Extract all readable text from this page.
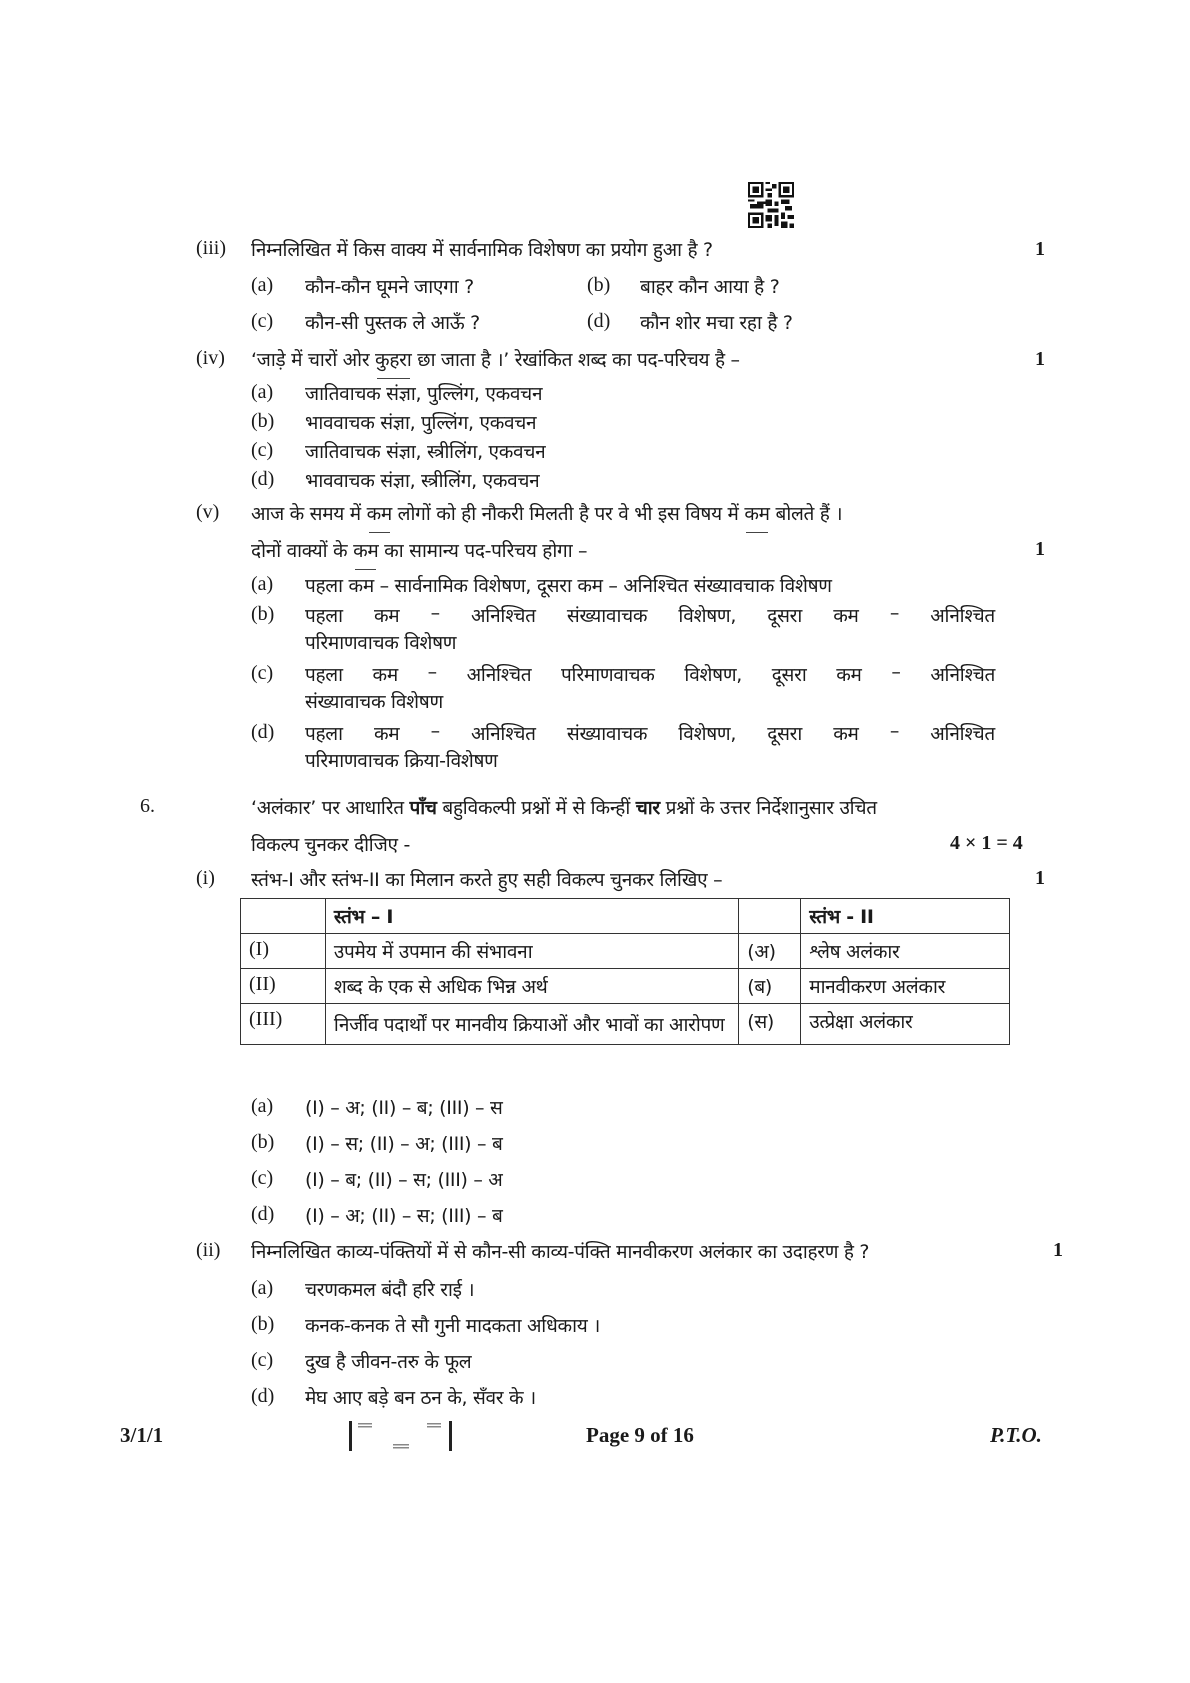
(iii) निम्नलिखित में किस वाक्य में सार्वनामिक विशेषण का प्रयोग हुआ है ?	1
(a) कौन-कौन घूमने जाएगा ?	(b) बाहर कौन आया है ?
(c) कौन-सी पुस्तक ले आऊँ ?	(d) कौन शोर मचा रहा है ?
(iv) ‘जाड़े में चारों ओर कुहरा छा जाता है ।’ रेखांकित शब्द का पद-परिचय है –	1
(a) जातिवाचक संज्ञा, पुल्लिंग, एकवचन
(b) भाववाचक संज्ञा, पुल्लिंग, एकवचन
(c) जातिवाचक संज्ञा, स्त्रीलिंग, एकवचन
(d) भाववाचक संज्ञा, स्त्रीलिंग, एकवचन
(v) आज के समय में कम लोगों को ही नौकरी मिलती है पर वे भी इस विषय में कम बोलते हैं ।
दोनों वाक्यों के कम का सामान्य पद-परिचय होगा –	1
(a) पहला कम – सार्वनामिक विशेषण, दूसरा कम – अनिश्चित संख्यावचाक विशेषण
(b) पहला कम – अनिश्चित संख्यावाचक विशेषण, दूसरा कम – अनिश्चित
परिमाणवाचक विशेषण
(c) पहला कम – अनिश्चित परिमाणवाचक विशेषण, दूसरा कम – अनिश्चित
संख्यावाचक विशेषण
(d) पहला कम – अनिश्चित संख्यावाचक विशेषण, दूसरा कम – अनिश्चित
परिमाणवाचक क्रिया-विशेषण
6.	‘अलंकार’ पर आधारित पाँच बहुविकल्पी प्रश्नों में से किन्हीं चार प्रश्नों के उत्तर निर्देशानुसार उचित
विकल्प चुनकर दीजिए -	4 × 1 = 4
(i) स्तंभ-I और स्तंभ-II का मिलान करते हुए सही विकल्प चुनकर लिखिए –	1
	स्तंभ – I		स्तंभ - II
(I)	उपमेय में उपमान की संभावना	(अ)	श्लेष अलंकार
(II)	शब्द के एक से अधिक भिन्न अर्थ	(ब)	मानवीकरण अलंकार
(III)	निर्जीव पदार्थों पर मानवीय क्रियाओं और भावों का आरोपण	(स)	उत्प्रेक्षा अलंकार
(a) (I) – अ; (II) – ब; (III) – स
(b) (I) – स; (II) – अ; (III) – ब
(c) (I) – ब; (II) – स; (III) – अ
(d) (I) – अ; (II) – स; (III) – ब
(ii) निम्नलिखित काव्य-पंक्तियों में से कौन-सी काव्य-पंक्ति मानवीकरण अलंकार का उदाहरण है ?	1
(a) चरणकमल बंदौ हरि राई ।
(b) कनक-कनक ते सौ गुनी मादकता अधिकाय ।
(c) दुख है जीवन-तरु के फूल
(d) मेघ आए बड़े बन ठन के, सँवर के ।
3/1/1	Page 9 of 16	P.T.O.
